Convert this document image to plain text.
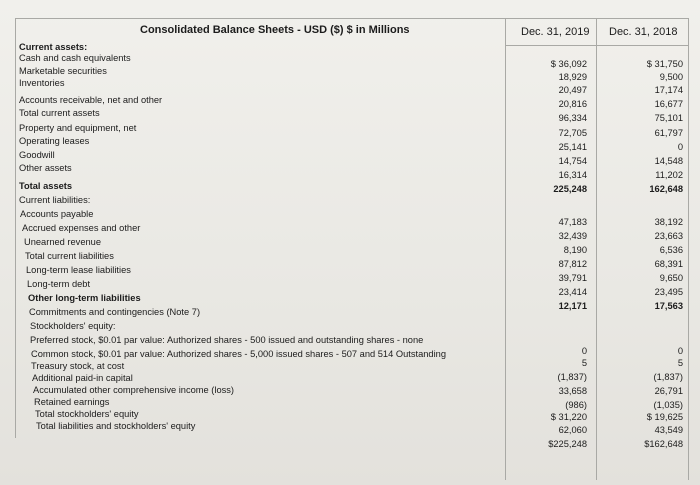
Consolidated Balance Sheets - USD ($) $ in Millions	Dec. 31, 2019 Dec. 31, 2018
Current assets:
Cash and cash equivalents
Marketable securities
Inventories
Accounts receivable, net and other
Total current assets
Property and equipment, net
Operating leases
Goodwill
Other assets
Total assets
Current liabilities:
Accounts payable
Accrued expenses and other
Unearned revenue
Total current liabilities
Long-term lease liabilities
Long-term debt
Other long-term liabilities
Commitments and contingencies (Note 7)
Stockholders' equity:
Preferred stock, $0.01 par value: Authorized shares - 500 issued and outstanding shares - none
Common stock, $0.01 par value: Authorized shares - 5,000 issued shares - 507 and 514 Outstanding
Treasury stock, at cost
Additional paid-in capital
Accumulated other comprehensive income (loss)
Retained earnings
Total stockholders' equity
Total liabilities and stockholders' equity
$ 36,092
18,929
20,497
20,816
96,334
72,705
25,141
14,754
16,314
225,248
47,183
32,439
8,190
87,812
39,791
23,414
12,171
0
5
(1,837)
33,658
(986)
$ 31,220
62,060
$225,248
$ 31,750
9,500
17,174
16,677
75,101
61,797
0
14,548
11,202
162,648
38,192
23,663
6,536
68,391
9,650
23,495
17,563
0
5
(1,837)
26,791
(1,035)
$ 19,625
43,549
$162,648
